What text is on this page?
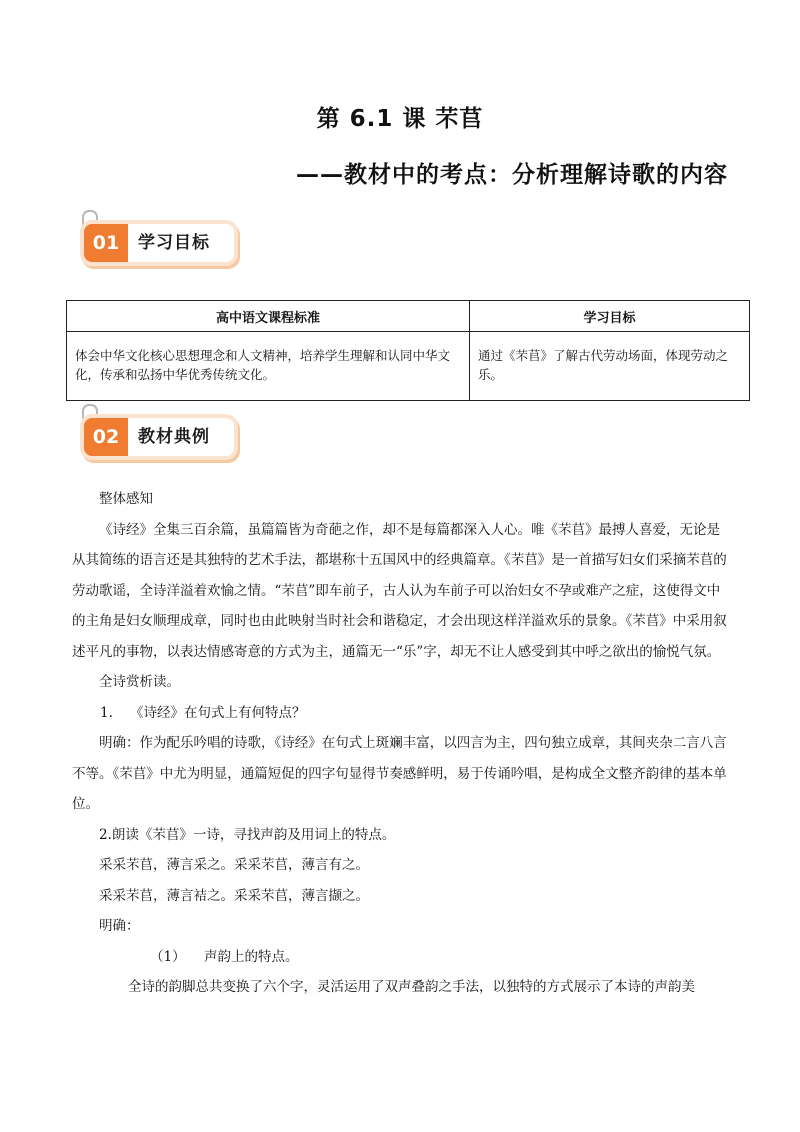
第 6.1 课 芣苢
——教材中的考点：分析理解诗歌的内容
01	学习目标
高中语文课程标准	学习目标
体会中华文化核心思想理念和人文精神，培养学生理解和认同中华文化，传承和弘扬中华优秀传统文化。	通过《芣苢》了解古代劳动场面，体现劳动之乐。
02	教材典例

整体感知

《诗经》全集三百余篇，虽篇篇皆为奇葩之作，却不是每篇都深入人心。唯《芣苢》最搏人喜爱，无论是从其简练的语言还是其独特的艺术手法，都堪称十五国风中的经典篇章。《芣苢》是一首描写妇女们采摘芣苢的劳动歌谣，全诗洋溢着欢愉之情。“芣苢”即车前子，古人认为车前子可以治妇女不孕或难产之症，这使得文中的主角是妇女顺理成章，同时也由此映射当时社会和谐稳定，才会出现这样洋溢欢乐的景象。《芣苢》中采用叙述平凡的事物，以表达情感寄意的方式为主，通篇无一“乐”字，却无不让人感受到其中呼之欲出的愉悦气氛。

全诗赏析读。

1. 《诗经》在句式上有何特点？

明确：作为配乐吟唱的诗歌，《诗经》在句式上斑斓丰富，以四言为主，四句独立成章，其间夹杂二言八言不等。《芣苢》中尤为明显，通篇短促的四字句显得节奏感鲜明，易于传诵吟唱，是构成全文整齐韵律的基本单位。

2.朗读《芣苢》一诗，寻找声韵及用词上的特点。

采采芣苢，薄言采之。采采芣苢，薄言有之。

采采芣苢，薄言袺之。采采芣苢，薄言撷之。

明确：

（1） 声韵上的特点。

全诗的韵脚总共变换了六个字，灵活运用了双声叠韵之手法，以独特的方式展示了本诗的声韵美
